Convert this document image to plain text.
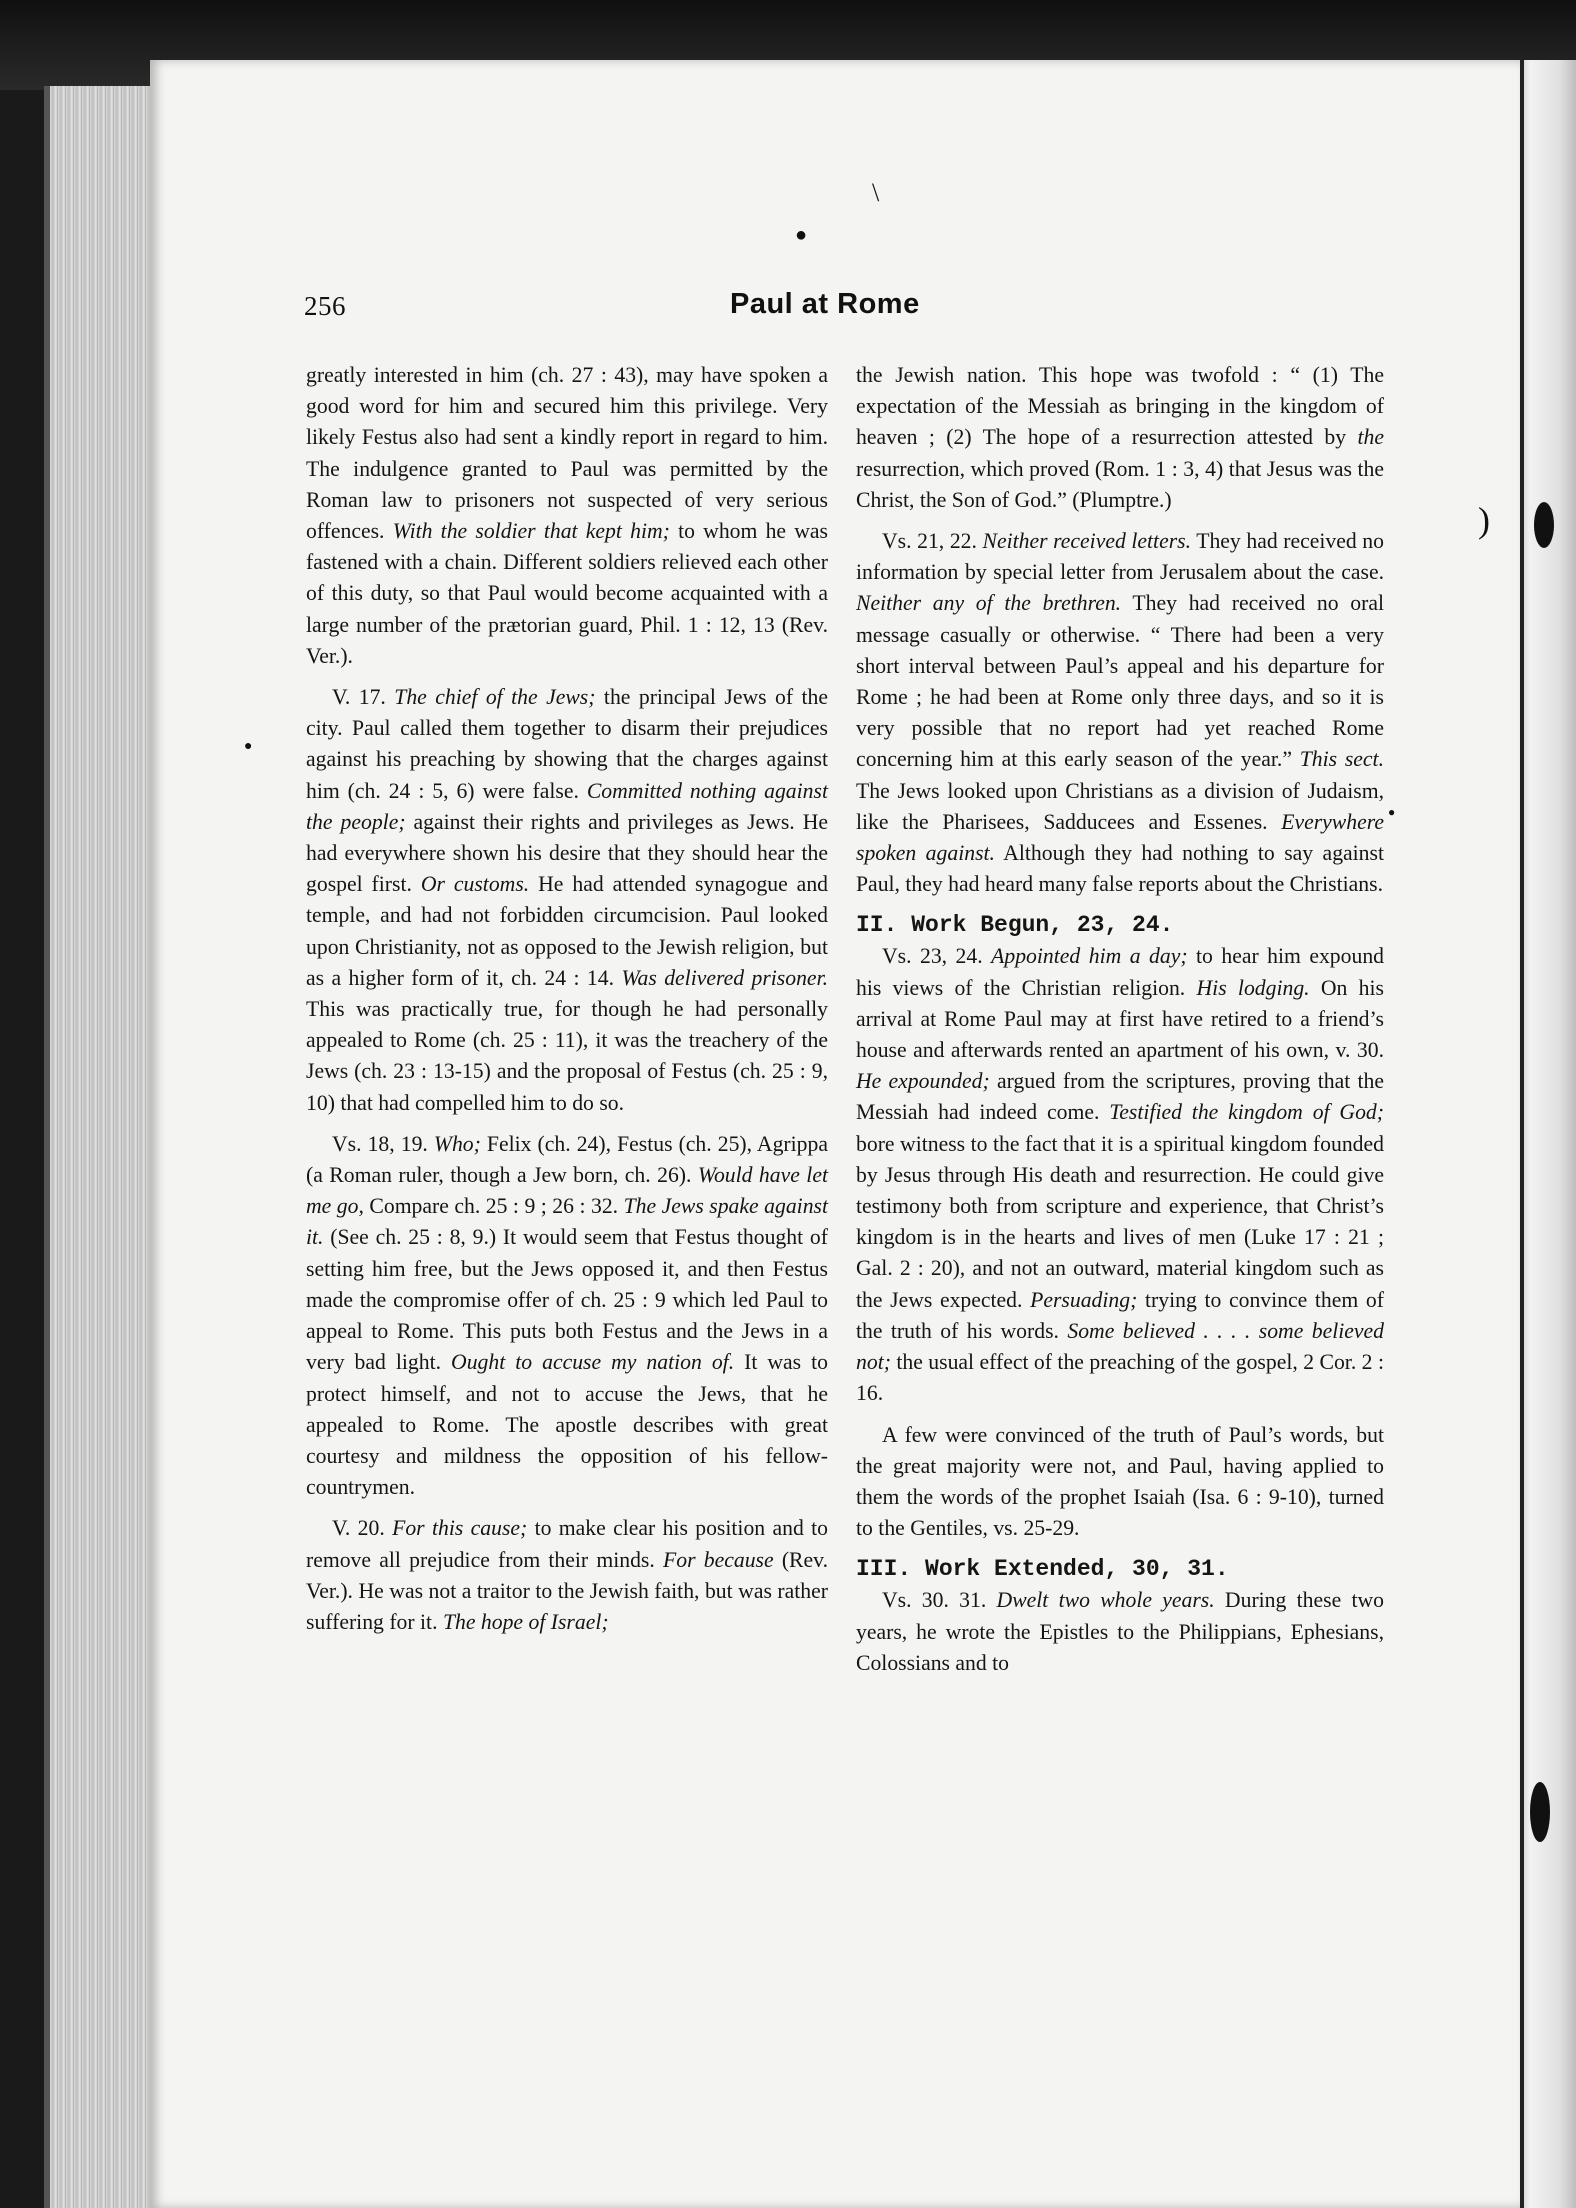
\
●
●
●
)
256	Paul at Rome

greatly interested in him (ch. 27 : 43), may have spoken a good word for him and secured him this privilege. Very likely Festus also had sent a kindly report in regard to him. The indulgence granted to Paul was permitted by the Roman law to prisoners not suspected of very serious offences. With the soldier that kept him; to whom he was fastened with a chain. Different soldiers relieved each other of this duty, so that Paul would become acquainted with a large number of the prætorian guard, Phil. 1 : 12, 13 (Rev. Ver.).

V. 17. The chief of the Jews; the principal Jews of the city. Paul called them together to disarm their prejudices against his preaching by showing that the charges against him (ch. 24 : 5, 6) were false. Committed nothing against the people; against their rights and privileges as Jews. He had everywhere shown his desire that they should hear the gospel first. Or customs. He had attended synagogue and temple, and had not forbidden circumcision. Paul looked upon Christianity, not as opposed to the Jewish religion, but as a higher form of it, ch. 24 : 14. Was delivered prisoner. This was practically true, for though he had personally appealed to Rome (ch. 25 : 11), it was the treachery of the Jews (ch. 23 : 13-15) and the proposal of Festus (ch. 25 : 9, 10) that had compelled him to do so.

Vs. 18, 19. Who; Felix (ch. 24), Festus (ch. 25), Agrippa (a Roman ruler, though a Jew born, ch. 26). Would have let me go, Compare ch. 25 : 9 ; 26 : 32. The Jews spake against it. (See ch. 25 : 8, 9.) It would seem that Festus thought of setting him free, but the Jews opposed it, and then Festus made the compromise offer of ch. 25 : 9 which led Paul to appeal to Rome. This puts both Festus and the Jews in a very bad light. Ought to accuse my nation of. It was to protect himself, and not to accuse the Jews, that he appealed to Rome. The apostle describes with great courtesy and mildness the opposition of his fellow-countrymen.

V. 20. For this cause; to make clear his position and to remove all prejudice from their minds. For because (Rev. Ver.). He was not a traitor to the Jewish faith, but was rather suffering for it. The hope of Israel;

the Jewish nation. This hope was twofold : “ (1) The expectation of the Messiah as bringing in the kingdom of heaven ; (2) The hope of a resurrection attested by the resurrection, which proved (Rom. 1 : 3, 4) that Jesus was the Christ, the Son of God.” (Plumptre.)

Vs. 21, 22. Neither received letters. They had received no information by special letter from Jerusalem about the case. Neither any of the brethren. They had received no oral message casually or otherwise. “ There had been a very short interval between Paul’s appeal and his departure for Rome ; he had been at Rome only three days, and so it is very possible that no report had yet reached Rome concerning him at this early season of the year.” This sect. The Jews looked upon Christians as a division of Judaism, like the Pharisees, Sadducees and Essenes. Everywhere spoken against. Although they had nothing to say against Paul, they had heard many false reports about the Christians.

II. Work Begun, 23, 24.

Vs. 23, 24. Appointed him a day; to hear him expound his views of the Christian religion. His lodging. On his arrival at Rome Paul may at first have retired to a friend’s house and afterwards rented an apartment of his own, v. 30. He expounded; argued from the scriptures, proving that the Messiah had indeed come. Testified the kingdom of God; bore witness to the fact that it is a spiritual kingdom founded by Jesus through His death and resurrection. He could give testimony both from scripture and experience, that Christ’s kingdom is in the hearts and lives of men (Luke 17 : 21 ; Gal. 2 : 20), and not an outward, material kingdom such as the Jews expected. Persuading; trying to convince them of the truth of his words. Some believed . . . . some believed not; the usual effect of the preaching of the gospel, 2 Cor. 2 : 16.

A few were convinced of the truth of Paul’s words, but the great majority were not, and Paul, having applied to them the words of the prophet Isaiah (Isa. 6 : 9-10), turned to the Gentiles, vs. 25-29.

III. Work Extended, 30, 31.

Vs. 30. 31. Dwelt two whole years. During these two years, he wrote the Epistles to the Philippians, Ephesians, Colossians and to
